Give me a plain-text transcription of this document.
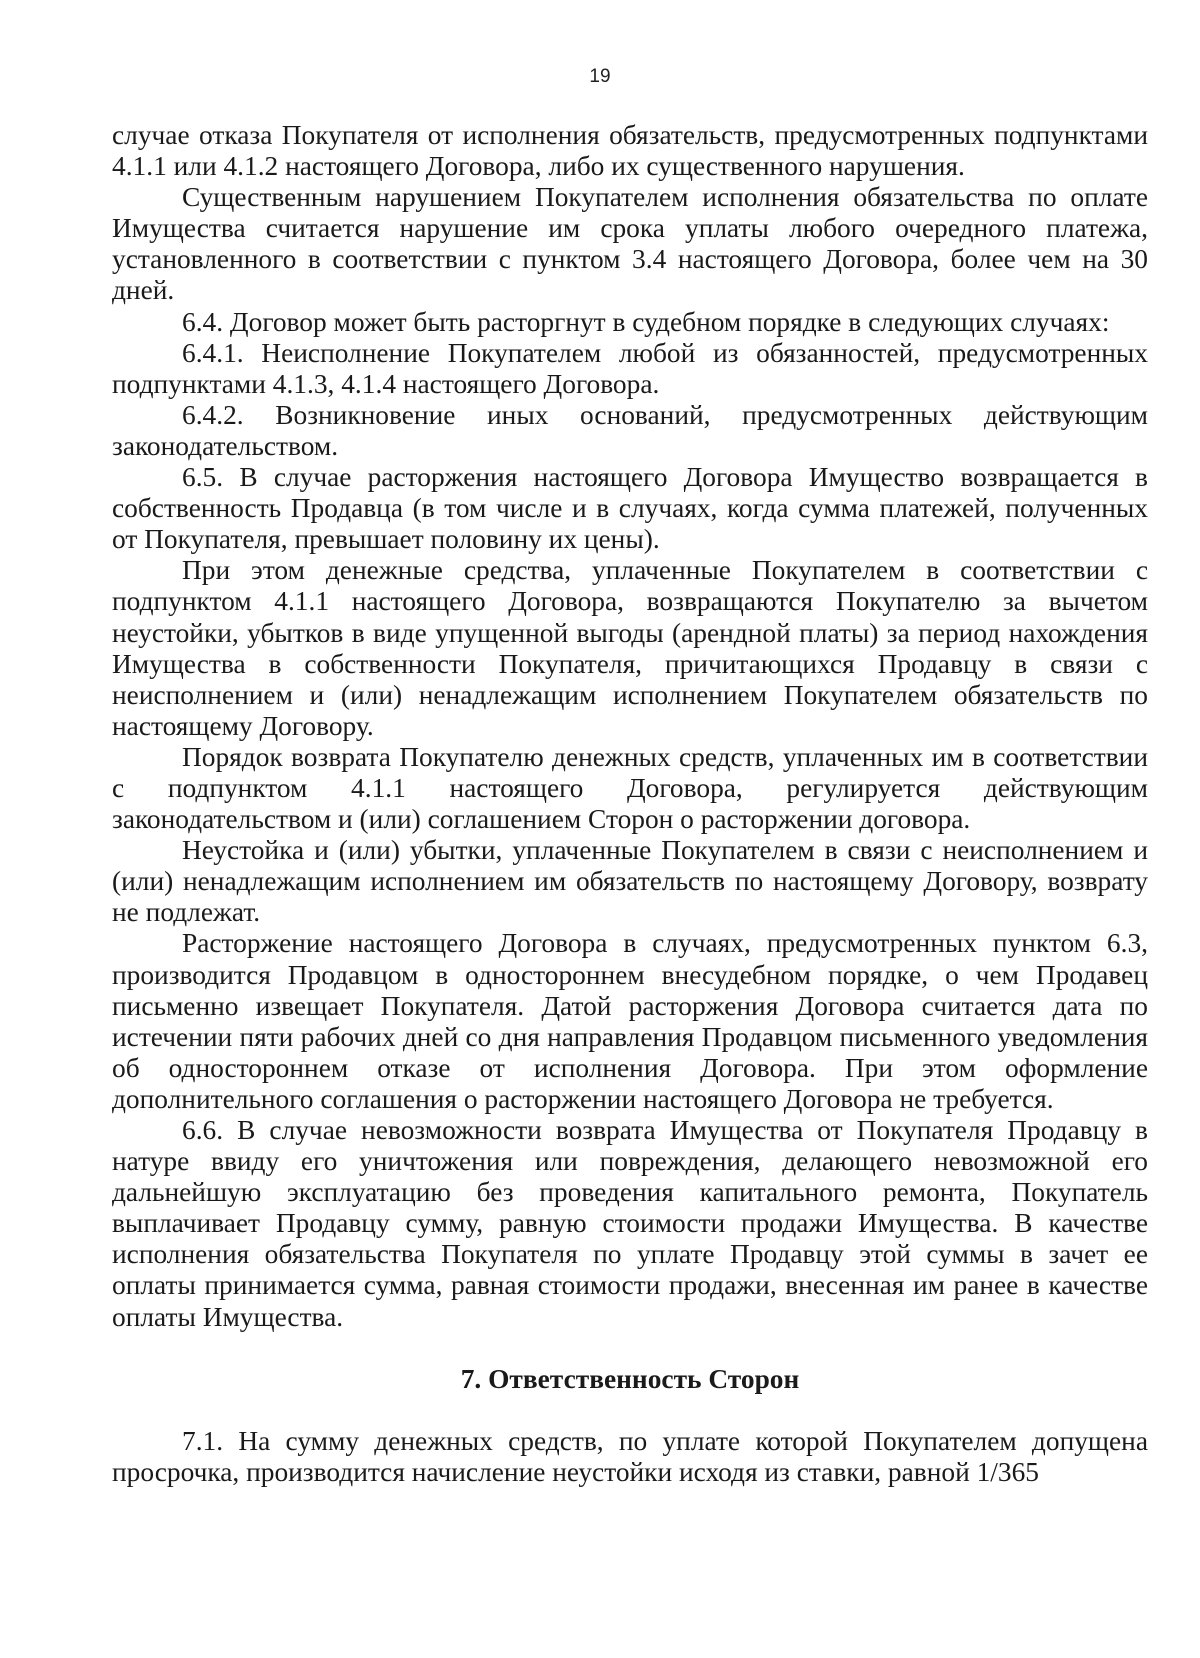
19

случае отказа Покупателя от исполнения обязательств, предусмотренных подпунктами 4.1.1 или 4.1.2 настоящего Договора, либо их существенного нарушения.

Существенным нарушением Покупателем исполнения обязательства по оплате Имущества считается нарушение им срока уплаты любого очередного платежа, установленного в соответствии с пунктом 3.4 настоящего Договора, более чем на 30 дней.

6.4. Договор может быть расторгнут в судебном порядке в следующих случаях:

6.4.1. Неисполнение Покупателем любой из обязанностей, предусмотренных подпунктами 4.1.3, 4.1.4 настоящего Договора.

6.4.2. Возникновение иных оснований, предусмотренных действующим законодательством.

6.5. В случае расторжения настоящего Договора Имущество возвращается в собственность Продавца (в том числе и в случаях, когда сумма платежей, полученных от Покупателя, превышает половину их цены).

При этом денежные средства, уплаченные Покупателем в соответствии с подпунктом 4.1.1 настоящего Договора, возвращаются Покупателю за вычетом неустойки, убытков в виде упущенной выгоды (арендной платы) за период нахождения Имущества в собственности Покупателя, причитающихся Продавцу в связи с неисполнением и (или) ненадлежащим исполнением Покупателем обязательств по настоящему Договору.

Порядок возврата Покупателю денежных средств, уплаченных им в соответствии с подпунктом 4.1.1 настоящего Договора, регулируется действующим законодательством и (или) соглашением Сторон о расторжении договора.

Неустойка и (или) убытки, уплаченные Покупателем в связи с неисполнением и (или) ненадлежащим исполнением им обязательств по настоящему Договору, возврату не подлежат.

Расторжение настоящего Договора в случаях, предусмотренных пунктом 6.3, производится Продавцом в одностороннем внесудебном порядке, о чем Продавец письменно извещает Покупателя. Датой расторжения Договора считается дата по истечении пяти рабочих дней со дня направления Продавцом письменного уведомления об одностороннем отказе от исполнения Договора. При этом оформление дополнительного соглашения о расторжении настоящего Договора не требуется.

6.6. В случае невозможности возврата Имущества от Покупателя Продавцу в натуре ввиду его уничтожения или повреждения, делающего невозможной его дальнейшую эксплуатацию без проведения капитального ремонта, Покупатель выплачивает Продавцу сумму, равную стоимости продажи Имущества. В качестве исполнения обязательства Покупателя по уплате Продавцу этой суммы в зачет ее оплаты принимается сумма, равная стоимости продажи, внесенная им ранее в качестве оплаты Имущества.

7. Ответственность Сторон

7.1. На сумму денежных средств, по уплате которой Покупателем допущена просрочка, производится начисление неустойки исходя из ставки, равной 1/365
